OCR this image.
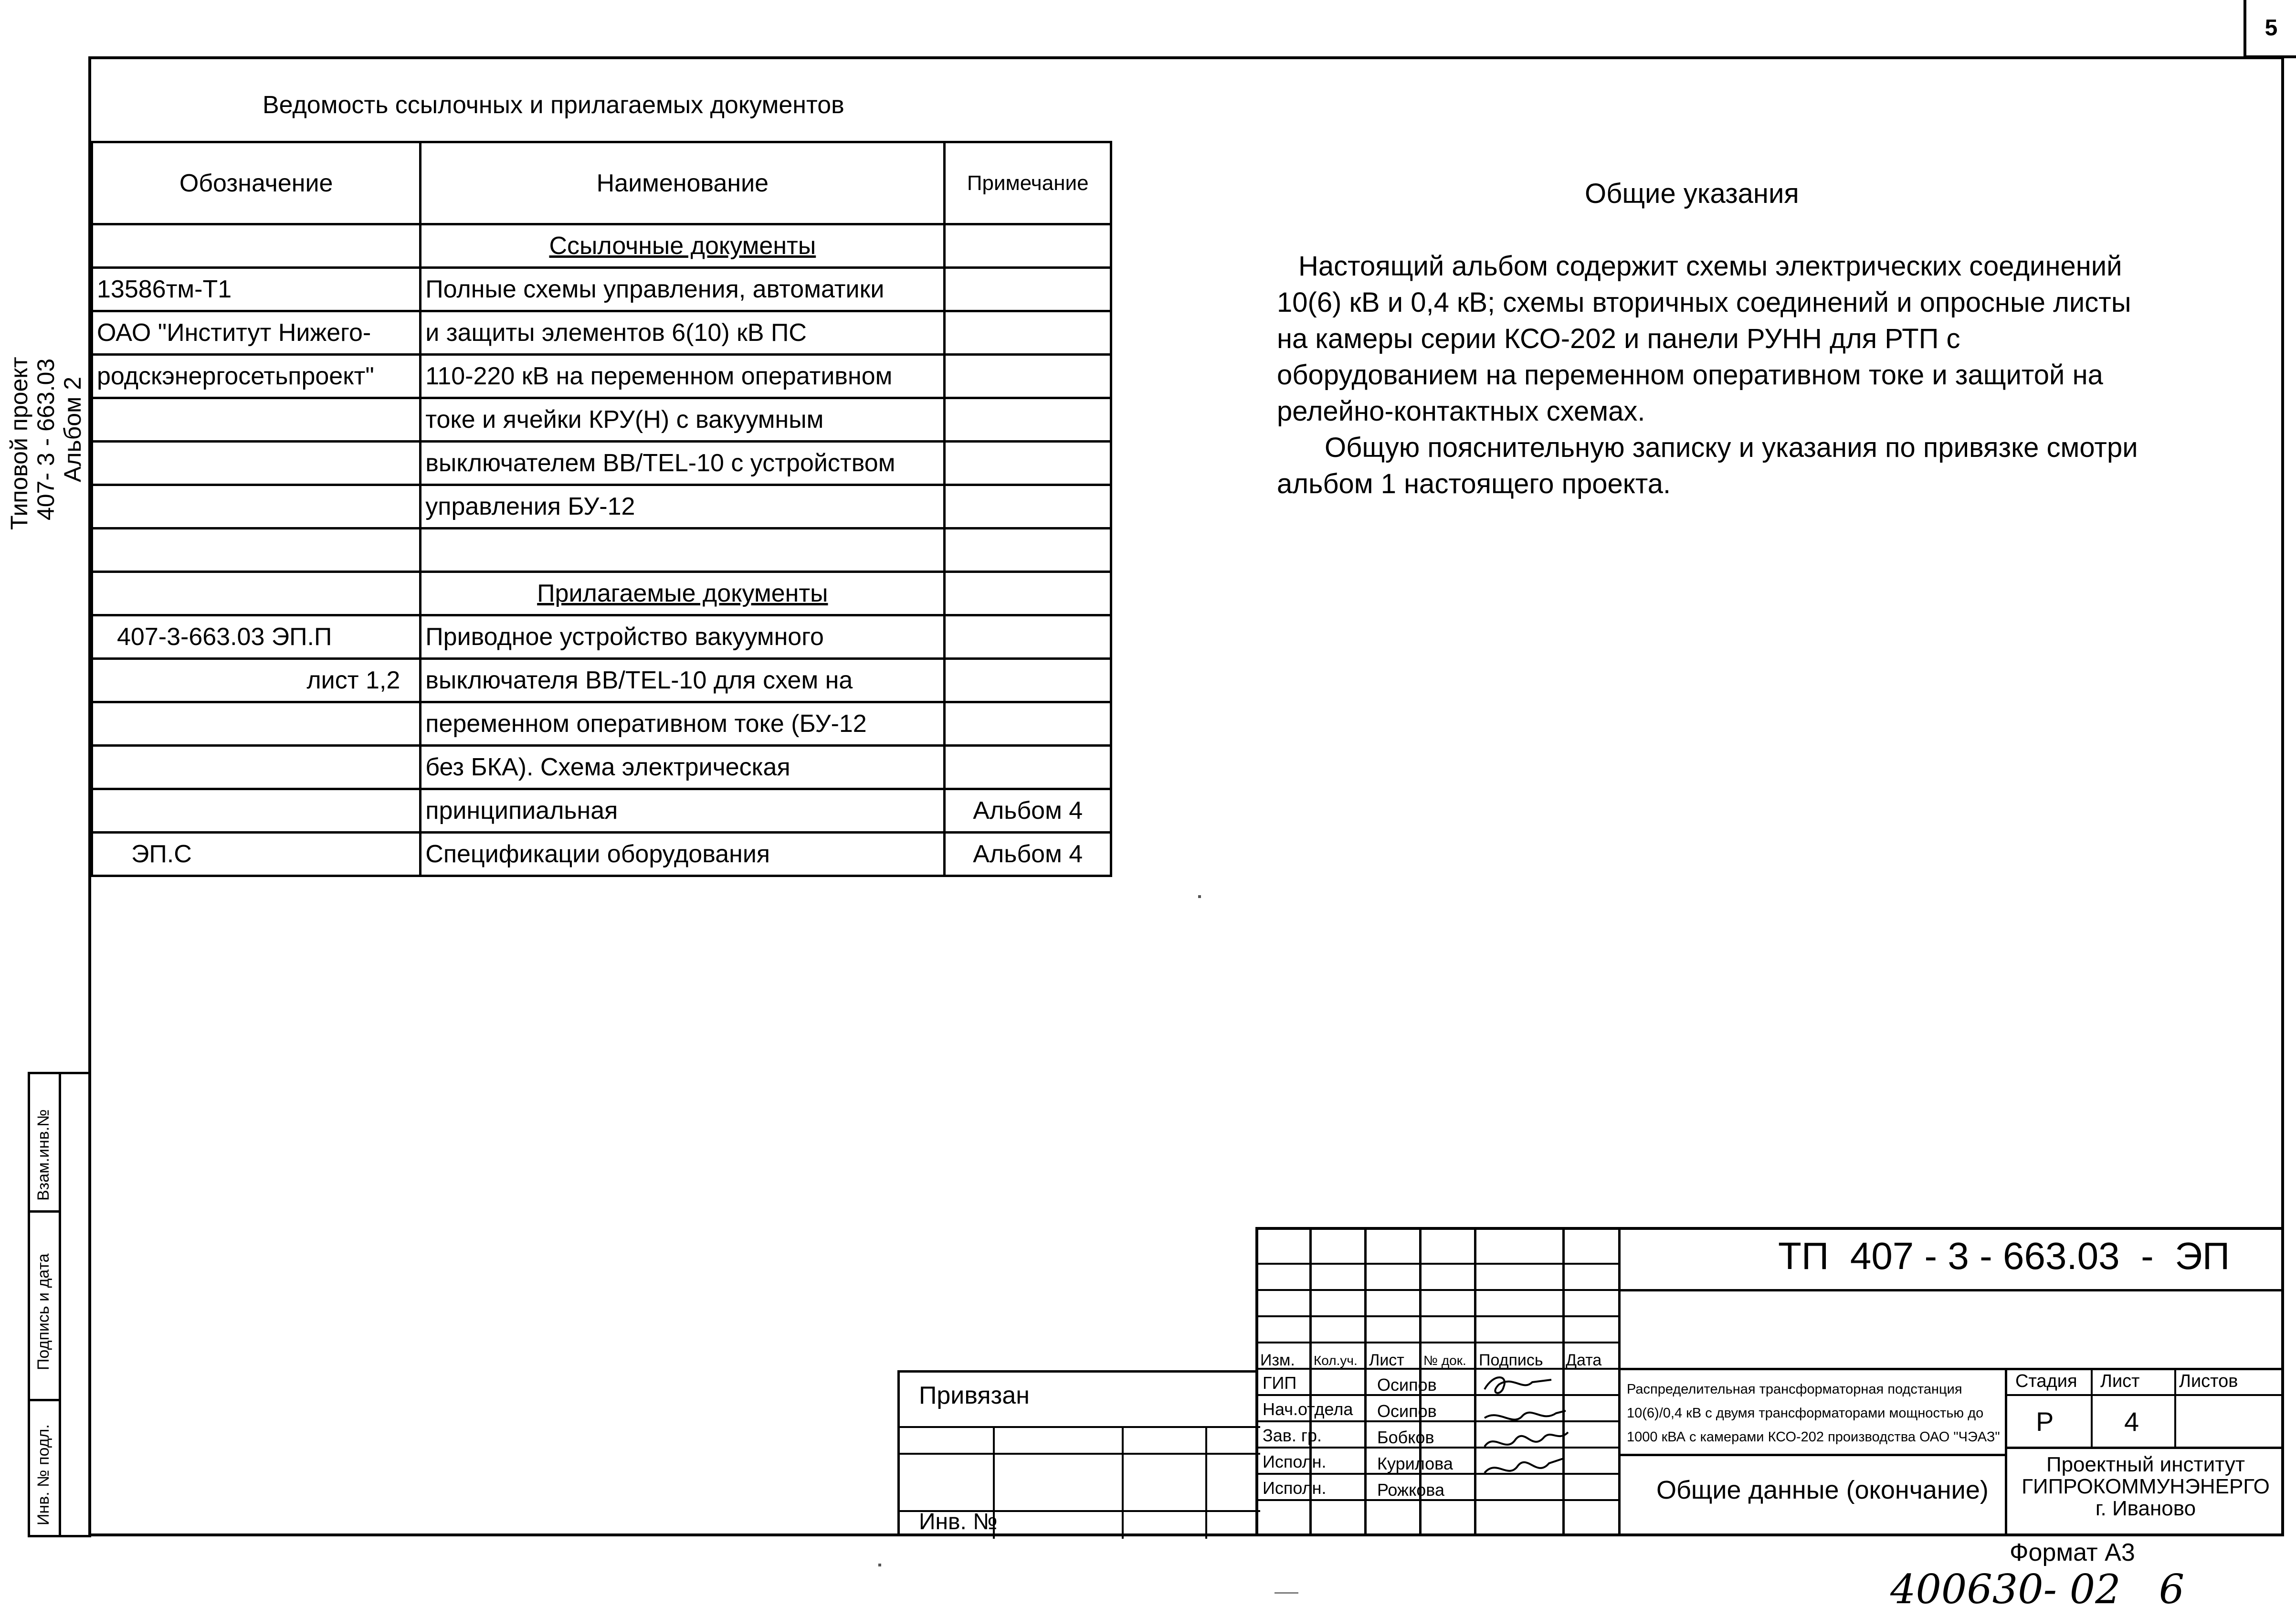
5
Типовой проект 407- 3 - 663.03 Альбом 2
Взам.инв.№
Подпись и дата
Инв. № подл.
Ведомость ссылочных и прилагаемых документов
Обозначение	Наименование	Примечание
	Ссылочные документы	
13586тм-Т1	Полные схемы управления, автоматики	
ОАО "Институт Нижего-	и защиты элементов 6(10) кВ ПС	
родскэнергосетьпроект"	110-220 кВ на переменном оперативном	
	токе и ячейки КРУ(Н) с вакуумным	
	выключателем ВВ/TEL-10 с устройством	
	управления БУ-12	

	Прилагаемые документы	
407-3-663.03 ЭП.П	Приводное устройство вакуумного	
лист 1,2	выключателя ВВ/TEL-10 для схем на	
	переменном оперативном токе (БУ-12	
	без БКА). Схема электрическая	
	принципиальная	Альбом 4
ЭП.С	Спецификации оборудования	Альбом 4
Общие указания
Настоящий альбом содержит схемы электрических соединений
10(6) кВ и 0,4 кВ; схемы вторичных соединений и опросные листы
на камеры серии КСО-202 и панели РУНН для РТП с
оборудованием на переменном оперативном токе и защитой на
релейно-контактных схемах.
Общую пояснительную записку и указания по привязке смотри
альбом 1 настоящего проекта.
Изм. Кол.уч. Лист № док. Подпись Дата
ГИП	Осипов
Нач.отдела Осипов
Зав. гр.	Бобков
Исполн.	Курилова
Исполн.	Рожкова
Привязан
Инв. №
ТП  407 - 3 - 663.03  -  ЭП
Распределительная трансформаторная подстанция
10(6)/0,4 кВ с двумя трансформаторами мощностью до
1000 кВА с камерами КСО-202 производства ОАО "ЧЭАЗ"
Общие данные (окончание)
Стадия Лист Листов
Р	4
Проектный институт
ГИПРОКОММУНЭНЕРГО
г. Иваново
Формат А3
400630- 02   6
